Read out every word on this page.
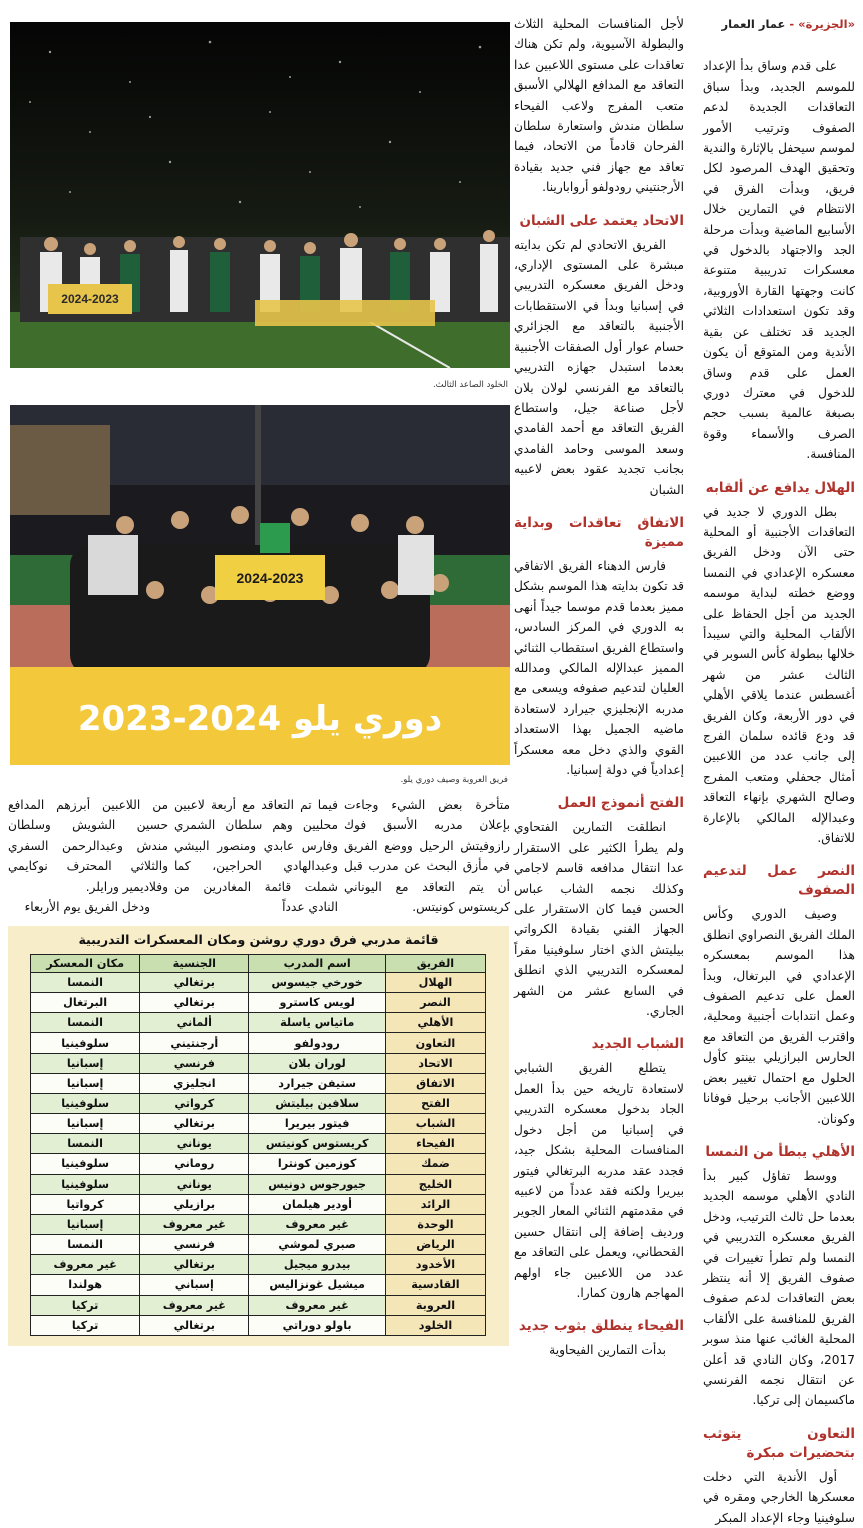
«الجزيرة» - عمار العمار
على قدم وساق بدأ الإعداد للموسم الجديد، وبدأ سباق التعاقدات الجديدة لدعم الصفوف وترتيب الأمور لموسم سيحفل بالإثارة والندية وتحقيق الهدف المرصود لكل فريق، وبدأت الفرق في الانتظام في التمارين خلال الأسابيع الماضية وبدأت مرحلة الجد والاجتهاد بالدخول في معسكرات تدريبية متنوعة كانت وجهتها القارة الأوروبية، وقد تكون استعدادات الثلاثي الجديد قد تختلف عن بقية الأندية ومن المتوقع أن يكون العمل على قدم وساق للدخول في معترك دوري بصبغة عالمية بسبب حجم الصرف والأسماء وقوة المنافسة.
الهلال يدافع عن ألقابه
بطل الدوري لا جديد في التعاقدات الأجنبية أو المحلية حتى الآن ودخل الفريق معسكره الإعدادي في النمسا ووضع خطته لبداية موسمه الجديد من أجل الحفاظ على الألقاب المحلية والتي سيبدأ خلالها ببطولة كأس السوبر في الثالث عشر من شهر أغسطس عندما يلاقي الأهلي في دور الأربعة، وكان الفريق قد ودع قائده سلمان الفرج إلى جانب عدد من اللاعبين أمثال جحفلي ومتعب المفرج وصالح الشهري بإنهاء التعاقد وعبدالإله المالكي بالإعارة للاتفاق.
النصر عمل لتدعيم الصفوف
وصيف الدوري وكأس الملك الفريق النصراوي انطلق هذا الموسم بمعسكره الإعدادي في البرتغال، وبدأ العمل على تدعيم الصفوف وعمل انتدابات أجنبية ومحلية، واقترب الفريق من التعاقد مع الحارس البرازيلي بينتو كأول الحلول مع احتمال تغيير بعض اللاعبين الأجانب برحيل فوفانا وكونان.
الأهلي يبطأ من النمسا
ووسط تفاؤل كبير بدأ النادي الأهلي موسمه الجديد بعدما حل ثالث الترتيب، ودخل الفريق معسكره التدريبي في النمسا ولم تطرأ تغييرات في صفوف الفريق إلا أنه ينتظر بعض التعاقدات لدعم صفوف الفريق للمنافسة على الألقاب المحلية الغائب عنها منذ سوبر 2017، وكان النادي قد أعلن عن انتقال نجمه الفرنسي ماكسيمان إلى تركيا.
التعاون يتوثب بتحضيرات مبكرة
أول الأندية التي دخلت معسكرها الخارجي ومقره في سلوفينيا وجاء الإعداد المبكر
لأجل المنافسات المحلية الثلاث والبطولة الآسيوية، ولم تكن هناك تعاقدات على مستوى اللاعبين عدا التعاقد مع المدافع الهلالي الأسبق متعب المفرج ولاعب الفيحاء سلطان مندش واستعارة سلطان الفرحان قادماً من الاتحاد، فيما تعاقد مع جهاز فني جديد بقيادة الأرجنتيني رودولفو أروابارينا.
الاتحاد يعتمد على الشبان
الفريق الاتحادي لم تكن بدايته مبشرة على المستوى الإداري، ودخل الفريق معسكره التدريبي في إسبانيا وبدأ في الاستقطابات الأجنبية بالتعاقد مع الجزائري حسام عوار أول الصفقات الأجنبية بعدما استبدل جهازه التدريبي بالتعاقد مع الفرنسي لولان بلان لأجل صناعة جيل، واستطاع الفريق التعاقد مع أحمد الفامدي وسعد الموسى وحامد الفامدي بجانب تجديد عقود بعض لاعبيه الشبان
الاتفاق تعاقدات وبداية مميزة
فارس الدهناء الفريق الاتفاقي قد تكون بدايته هذا الموسم بشكل مميز بعدما قدم موسما جيداً أنهى به الدوري في المركز السادس، واستطاع الفريق استقطاب الثنائي المميز عبدالإله المالكي ومدالله العليان لتدعيم صفوفه ويسعى مع مدربه الإنجليزي جيرارد لاستعادة ماضيه الجميل بهذا الاستعداد القوي والذي دخل معه معسكراً إعدادياً في دولة إسبانيا.
الفتح أنموذج العمل
انطلقت التمارين الفتحاوي ولم يطرأ الكثير على الاستقرار عدا انتقال مدافعه قاسم لاجامي وكذلك نجمه الشاب عباس الحسن فيما كان الاستقرار على الجهاز الفني بقيادة الكرواتي بيليتش الذي اختار سلوفينيا مقراً لمعسكره التدريبي الذي انطلق في السابع عشر من الشهر الجاري.
الشباب الجديد
يتطلع الفريق الشبابي لاستعادة تاريخه حين بدأ العمل الجاد بدخول معسكره التدريبي في إسبانيا من أجل دخول المنافسات المحلية بشكل جيد، فجدد عقد مدربه البرتغالي فيتور بيريرا ولكنه فقد عدداً من لاعبيه في مقدمتهم الثنائي المعار الجوير ورديف إضافة إلى انتقال حسين القحطاني، ويعمل على التعاقد مع عدد من اللاعبين جاء اولهم المهاجم هارون كمارا.
الفيحاء ينطلق بثوب جديد
بدأت التمارين الفيحاوية
2024-2023
الخلود الصاعد الثالث.
2024-2023
دوري يلو 2024-2023
فريق العروبة وصيف دوري يلو.
متأخرة بعض الشيء وجاءت بإعلان مدربه الأسبق فوك رازوفيتش الرحيل ووضع الفريق في مأزق البحث عن مدرب قبل أن يتم التعاقد مع اليوناني كريستوس كونيتس.
فيما تم التعاقد مع أربعة لاعبين محليين وهم سلطان الشمري وفارس عابدي ومنصور البيشي وعبدالهادي الحراجين، كما شملت قائمة المغادرين من النادي عدداً
من اللاعبين أبرزهم المدافع حسين الشويش وسلطان مندش وعبدالرحمن السفري والثلاثي المحترف نوكايمي وفلاديمير ورايلر.
ودخل الفريق يوم الأربعاء
قائمة مدربي فرق دوري روشن ومكان المعسكرات التدريبية
الفريق	اسم المدرب	الجنسية	مكان المعسكر
الهلال	خورخي جيسوس	برتغالي	النمسا
النصر	لويس كاسترو	برتغالي	البرتغال
الأهلي	ماتياس ياسلة	ألماني	النمسا
التعاون	رودولفو	أرجنتيني	سلوفينيا
الاتحاد	لوران بلان	فرنسي	إسبانيا
الاتفاق	ستيفن جيرارد	انجليزي	إسبانيا
الفتح	سلافين بيليتش	كرواتي	سلوفينيا
الشباب	فيتور بيريرا	برتغالي	إسبانيا
الفيحاء	كريستوس كونيتس	يوناني	النمسا
ضمك	كوزمين كونترا	روماني	سلوفينيا
الخليج	جيورجوس دونيس	يوناني	سلوفينيا
الرائد	أودير هيلمان	برازيلي	كرواتيا
الوحدة	غير معروف	غير معروف	إسبانيا
الرياض	صبري لموشي	فرنسي	النمسا
الأخدود	بيدرو ميجيل	برتغالي	غير معروف
القادسية	ميشيل غونزاليس	إسباني	هولندا
العروبة	غير معروف	غير معروف	تركيا
الخلود	باولو دوراتي	برتغالي	تركيا
